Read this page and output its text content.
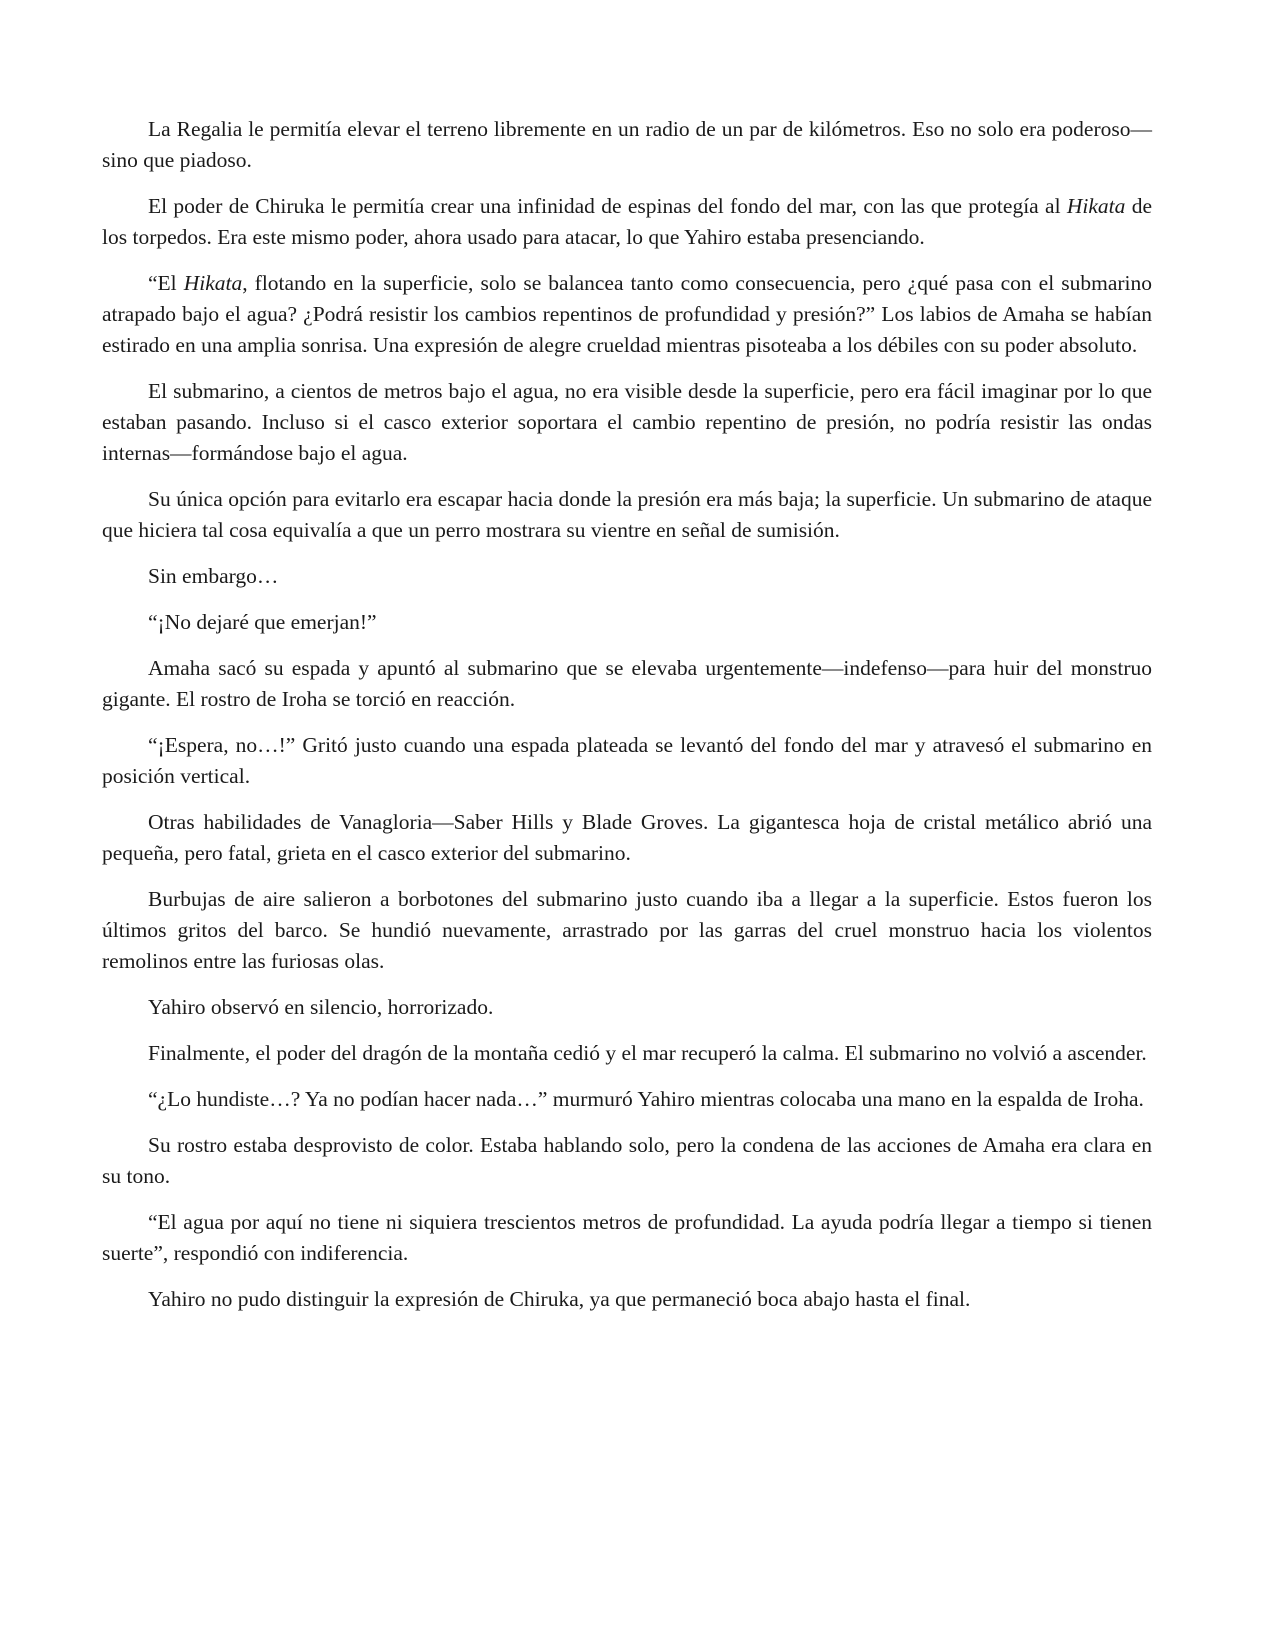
La Regalia le permitía elevar el terreno libremente en un radio de un par de kilómetros. Eso no solo era poderoso—sino que piadoso.

El poder de Chiruka le permitía crear una infinidad de espinas del fondo del mar, con las que protegía al Hikata de los torpedos. Era este mismo poder, ahora usado para atacar, lo que Yahiro estaba presenciando.

“El Hikata, flotando en la superficie, solo se balancea tanto como consecuencia, pero ¿qué pasa con el submarino atrapado bajo el agua? ¿Podrá resistir los cambios repentinos de profundidad y presión?” Los labios de Amaha se habían estirado en una amplia sonrisa. Una expresión de alegre crueldad mientras pisoteaba a los débiles con su poder absoluto.

El submarino, a cientos de metros bajo el agua, no era visible desde la superficie, pero era fácil imaginar por lo que estaban pasando. Incluso si el casco exterior soportara el cambio repentino de presión, no podría resistir las ondas internas—formándose bajo el agua.

Su única opción para evitarlo era escapar hacia donde la presión era más baja; la superficie. Un submarino de ataque que hiciera tal cosa equivalía a que un perro mostrara su vientre en señal de sumisión.

Sin embargo…

“¡No dejaré que emerjan!”

Amaha sacó su espada y apuntó al submarino que se elevaba urgentemente—indefenso—para huir del monstruo gigante. El rostro de Iroha se torció en reacción.

“¡Espera, no…!” Gritó justo cuando una espada plateada se levantó del fondo del mar y atravesó el submarino en posición vertical.

Otras habilidades de Vanagloria—Saber Hills y Blade Groves. La gigantesca hoja de cristal metálico abrió una pequeña, pero fatal, grieta en el casco exterior del submarino.

Burbujas de aire salieron a borbotones del submarino justo cuando iba a llegar a la superficie. Estos fueron los últimos gritos del barco. Se hundió nuevamente, arrastrado por las garras del cruel monstruo hacia los violentos remolinos entre las furiosas olas.

Yahiro observó en silencio, horrorizado.

Finalmente, el poder del dragón de la montaña cedió y el mar recuperó la calma. El submarino no volvió a ascender.

“¿Lo hundiste…? Ya no podían hacer nada…” murmuró Yahiro mientras colocaba una mano en la espalda de Iroha.

Su rostro estaba desprovisto de color. Estaba hablando solo, pero la condena de las acciones de Amaha era clara en su tono.

“El agua por aquí no tiene ni siquiera trescientos metros de profundidad. La ayuda podría llegar a tiempo si tienen suerte”, respondió con indiferencia.

Yahiro no pudo distinguir la expresión de Chiruka, ya que permaneció boca abajo hasta el final.
